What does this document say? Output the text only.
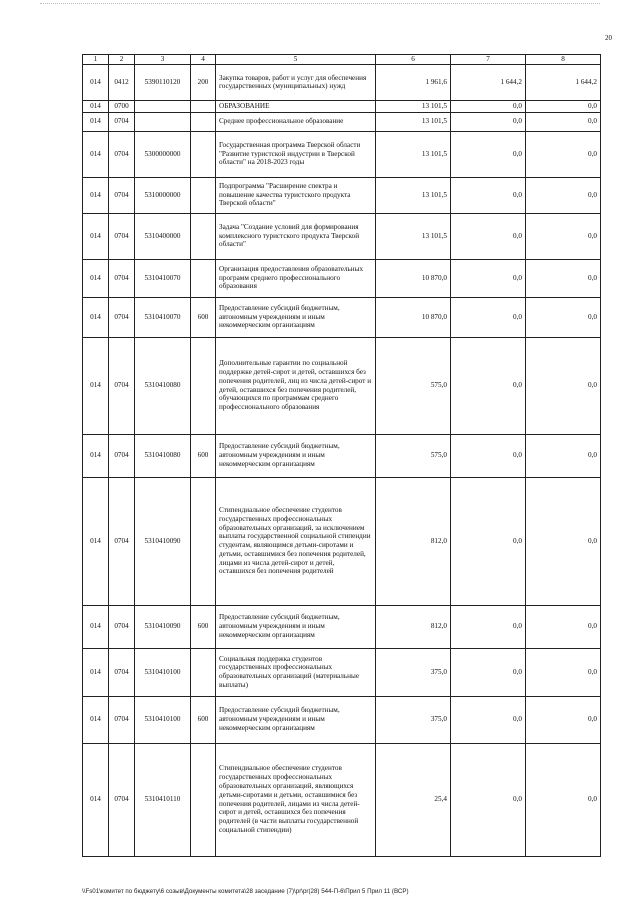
20
1	2	3	4	5	6	7	8
014	0412	5390110120	200	Закупка товаров, работ и услуг для обеспечения государственных (муниципальных) нужд	1 961,6	1 644,2	1 644,2
014	0700			ОБРАЗОВАНИЕ	13 101,5	0,0	0,0
014	0704			Среднее профессиональное образование	13 101,5	0,0	0,0
014	0704	5300000000		Государственная программа Тверской области "Развитие туристской индустрии в Тверской области" на 2018-2023 годы	13 101,5	0,0	0,0
014	0704	5310000000		Подпрограмма "Расширение спектра и повышение качества туристского продукта Тверской области"	13 101,5	0,0	0,0
014	0704	5310400000		Задача "Создание условий для формирования комплексного туристского продукта Тверской области"	13 101,5	0,0	0,0
014	0704	5310410070		Организация предоставления образовательных программ среднего профессионального образования	10 870,0	0,0	0,0
014	0704	5310410070	600	Предоставление субсидий бюджетным, автономным учреждениям и иным некоммерческим организациям	10 870,0	0,0	0,0
014	0704	5310410080		Дополнительные гарантии по социальной поддержке детей-сирот и детей, оставшихся без попечения родителей, лиц из числа детей-сирот и детей, оставшихся без попечения родителей, обучающихся по программам среднего профессионального образования	575,0	0,0	0,0
014	0704	5310410080	600	Предоставление субсидий бюджетным, автономным учреждениям и иным некоммерческим организациям	575,0	0,0	0,0
014	0704	5310410090		Стипендиальное обеспечение студентов государственных профессиональных образовательных организаций, за исключением выплаты государственной социальной стипендии студентам, являющимся детьми-сиротами и детьми, оставшимися без попечения родителей, лицами из числа детей-сирот и детей, оставшихся без попечения родителей	812,0	0,0	0,0
014	0704	5310410090	600	Предоставление субсидий бюджетным, автономным учреждениям и иным некоммерческим организациям	812,0	0,0	0,0
014	0704	5310410100		Социальная поддержка студентов государственных профессиональных образовательных организаций (материальные выплаты)	375,0	0,0	0,0
014	0704	5310410100	600	Предоставление субсидий бюджетным, автономным учреждениям и иным некоммерческим организациям	375,0	0,0	0,0
014	0704	5310410110		Стипендиальное обеспечение студентов государственных профессиональных образовательных организаций, являющихся детьми-сиротами и детьми, оставшимися без попечения родителей, лицами из числа детей-сирот и детей, оставшихся без попечения родителей (в части выплаты государственной социальной стипендии)	25,4	0,0	0,0
\\Fs01\комитет по бюджету\6 созыв\Документы комитета\28 заседание (7)\pr\pr(28) 544-П-6\Прил 5 Прил 11 (ВСР)
